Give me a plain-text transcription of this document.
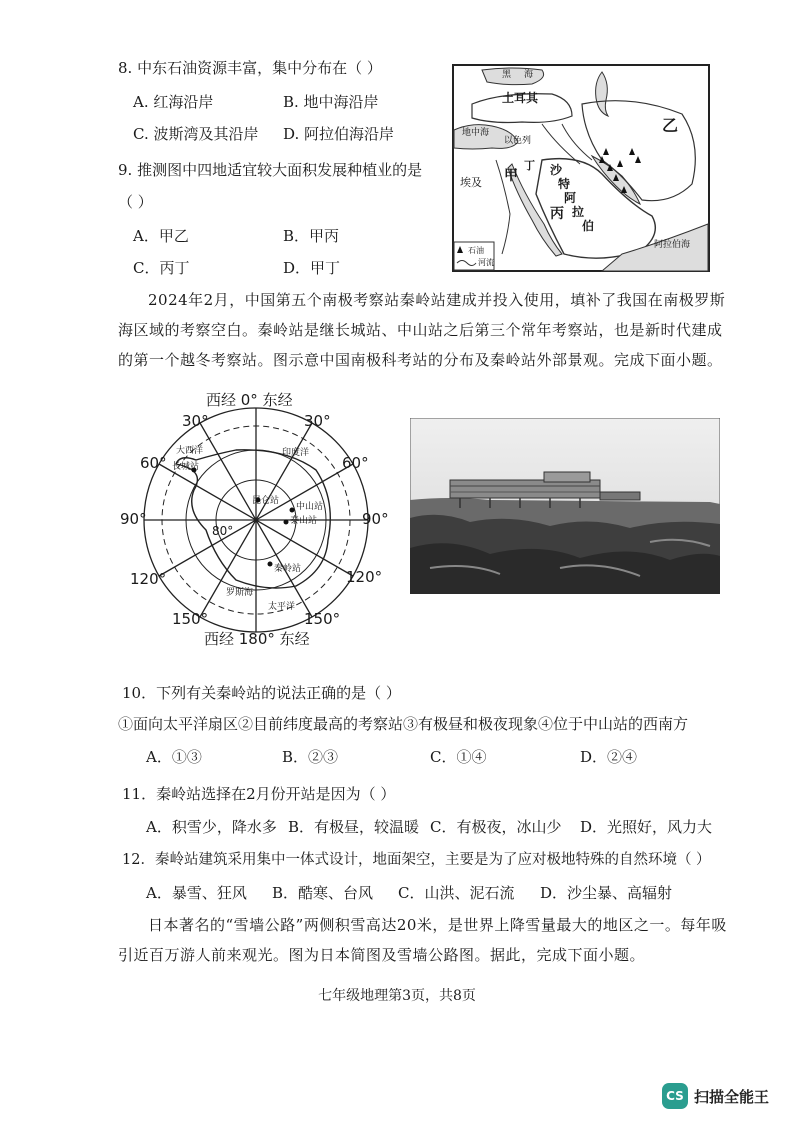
8. 中东石油资源丰富，集中分布在（ ）
A. 红海沿岸	B. 地中海沿岸
C. 波斯湾及其沿岸 D. 阿拉伯海沿岸
9. 推测图中四地适宜较大面积发展种植业的是
（ ）
A．甲乙	B．甲丙
C．丙丁	D．甲丁
黑 海
土耳其
地中海
以色列
埃及 甲	沙
特
阿
拉
伯
丙
乙
阿拉伯海
石油
河流
丁
2024年2月，中国第五个南极考察站秦岭站建成并投入使用，填补了我国在南极罗斯海区域的考察空白。秦岭站是继长城站、中山站之后第三个常年考察站，也是新时代建成的第一个越冬考察站。图示意中国南极科考站的分布及秦岭站外部景观。完成下面小题。
西经 0° 东经
西经 180° 东经
30°	30°
60°	60°
90°	90°
120°	120°
150°	150°
80°
大西洋
长城站
印度洋
昆仑站
中山站
泰山站
秦岭站
罗斯海
太平洋
10．下列有关秦岭站的说法正确的是（ ）
①面向太平洋扇区②目前纬度最高的考察站③有极昼和极夜现象④位于中山站的西南方
A．①③	B．②③	C．①④	D．②④
11．秦岭站选择在2月份开站是因为（ ）
A．积雪少，降水多 B．有极昼，较温暖 C．有极夜，冰山少 D．光照好，风力大
12．秦岭站建筑采用集中一体式设计，地面架空，主要是为了应对极地特殊的自然环境（ ）
A．暴雪、狂风 B．酷寒、台风 C．山洪、泥石流 D．沙尘暴、高辐射
日本著名的“雪墙公路”两侧积雪高达20米，是世界上降雪量最大的地区之一。每年吸引近百万游人前来观光。图为日本简图及雪墙公路图。据此，完成下面小题。
七年级地理第3页，共8页
CS 扫描全能王
